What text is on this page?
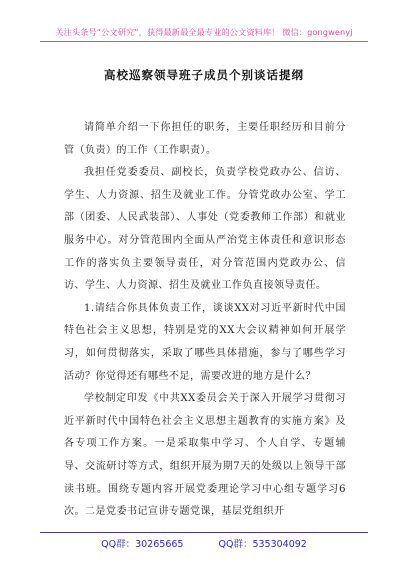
关注头条号“公文研究”，获得最新最全最专业的公文资料库！ 微信：gongwenyj
高校巡察领导班子成员个别谈话提纲

请简单介绍一下你担任的职务，主要任职经历和目前分管（负责）的工作（工作职责）。

我担任党委委员、副校长，负责学校党政办公、信访、学生、人力资源、招生及就业工作。分管党政办公室、学工部（团委、人民武装部）、人事处（党委教师工作部）和就业服务中心。对分管范围内全面从严治党主体责任和意识形态工作的落实负主要领导责任，对分管范围内党政办公、信访、学生、人力资源、招生及就业工作负直接领导责任。

1.请结合你具体负责工作，谈谈XX对习近平新时代中国特色社会主义思想，特别是党的XX大会议精神如何开展学习，如何贯彻落实，采取了哪些具体措施，参与了哪些学习活动？你觉得还有哪些不足，需要改进的地方是什么？

学校制定印发《中共XX委员会关于深入开展学习贯彻习近平新时代中国特色社会主义思想主题教育的实施方案》及各专项工作方案。一是采取集中学习、个人自学、专题辅导、交流研讨等方式，组织开展为期7天的处级以上领导干部读书班。围绕专题内容开展党委理论学习中心组专题学习6次。二是党委书记宣讲专题党课，基层党组织开

QQ群：30265665	QQ群：535304092
